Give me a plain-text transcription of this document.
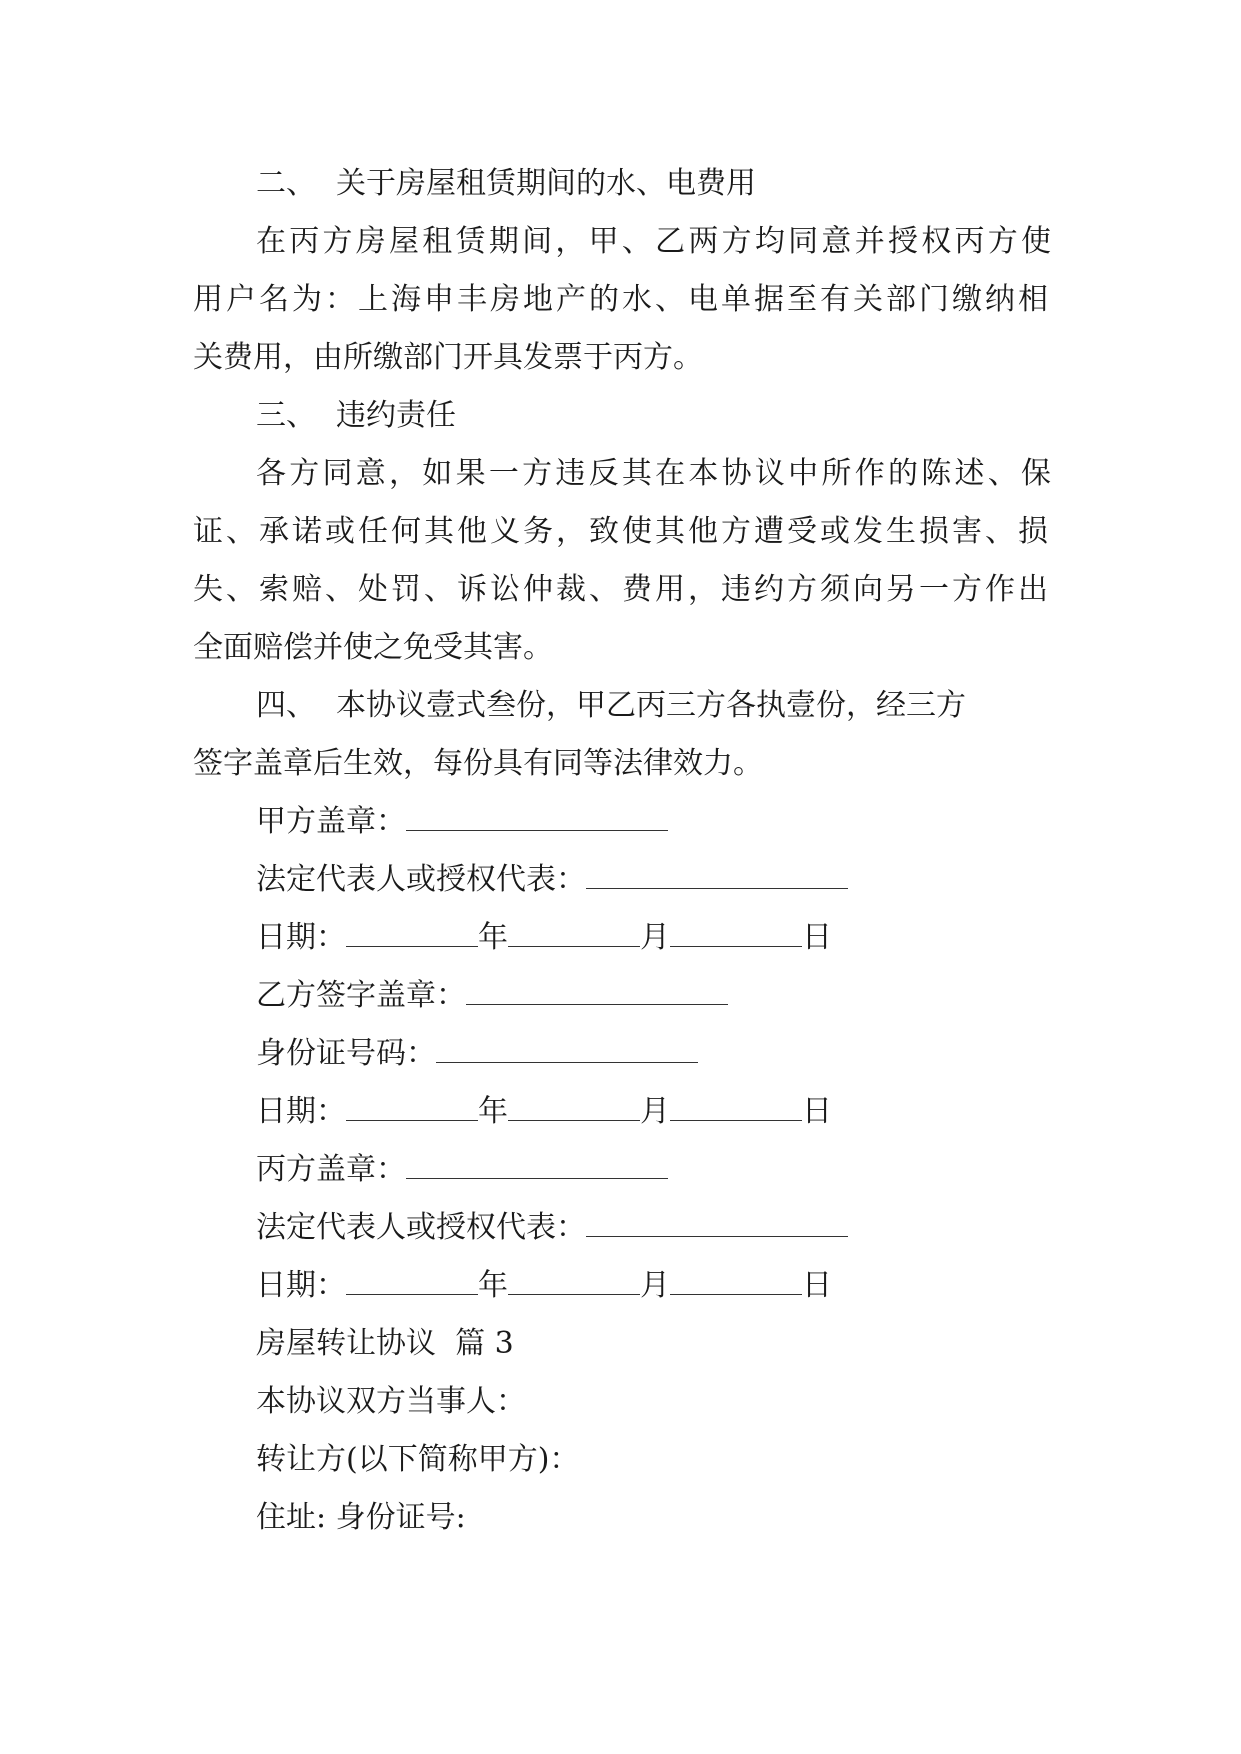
二、 关于房屋租赁期间的水、电费用
在丙方房屋租赁期间，甲、乙两方均同意并授权丙方使
用户名为：上海申丰房地产的水、电单据至有关部门缴纳相
关费用，由所缴部门开具发票于丙方。
三、 违约责任
各方同意，如果一方违反其在本协议中所作的陈述、保
证、承诺或任何其他义务，致使其他方遭受或发生损害、损
失、索赔、处罚、诉讼仲裁、费用，违约方须向另一方作出
全面赔偿并使之免受其害。
四、 本协议壹式叁份，甲乙丙三方各执壹份，经三方
签字盖章后生效，每份具有同等法律效力。
甲方盖章：
法定代表人或授权代表：
日期：	年	月	日
乙方签字盖章：
身份证号码：
日期：	年	月	日
丙方盖章：
法定代表人或授权代表：
日期：	年	月	日
房屋转让协议  篇 3
本协议双方当事人：
转让方(以下简称甲方)：
住址: 身份证号:
